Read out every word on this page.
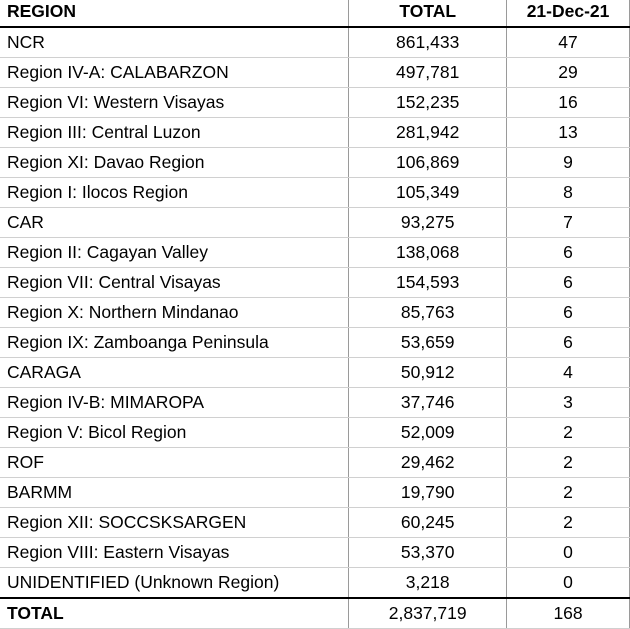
REGION	TOTAL	21-Dec-21
NCR	861,433	47
Region IV-A: CALABARZON	497,781	29
Region VI: Western Visayas	152,235	16
Region III: Central Luzon	281,942	13
Region XI: Davao Region	106,869	9
Region I: Ilocos Region	105,349	8
CAR	93,275	7
Region II: Cagayan Valley	138,068	6
Region VII: Central Visayas	154,593	6
Region X: Northern Mindanao	85,763	6
Region IX: Zamboanga Peninsula	53,659	6
CARAGA	50,912	4
Region IV-B: MIMAROPA	37,746	3
Region V: Bicol Region	52,009	2
ROF	29,462	2
BARMM	19,790	2
Region XII: SOCCSKSARGEN	60,245	2
Region VIII: Eastern Visayas	53,370	0
UNIDENTIFIED (Unknown Region)	3,218	0
TOTAL	2,837,719	168
